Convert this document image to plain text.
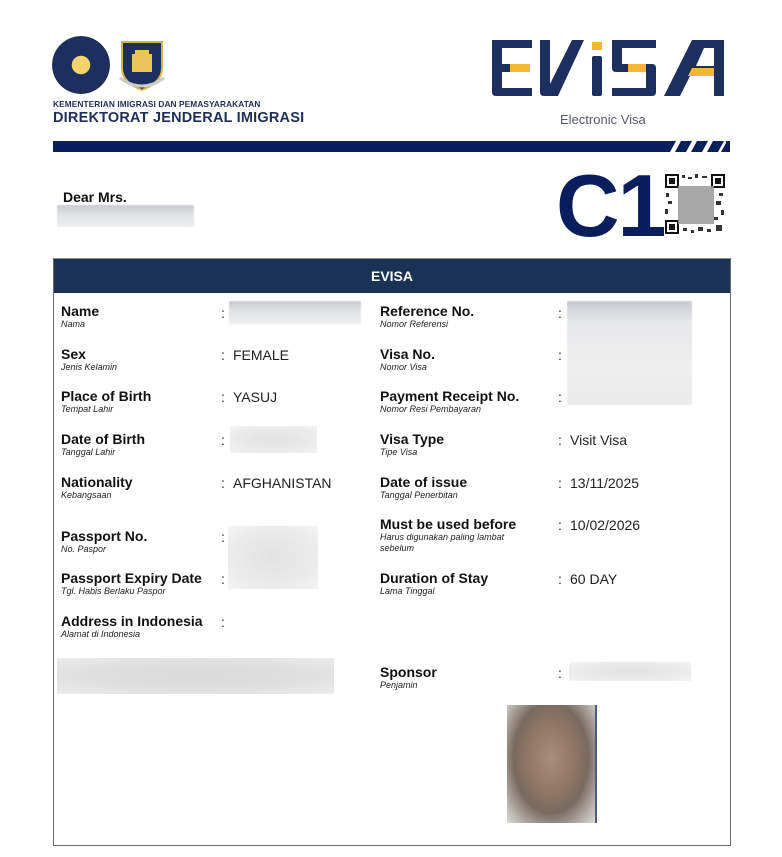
KEMENTERIAN IMIGRASI DAN PEMASYARAKATAN
DIREKTORAT JENDERAL IMIGRASI	Electronic Visa
Dear Mrs.	C1
EVISA
Name
Nama
:
Sex
Jenis Kelamin
: FEMALE
Place of Birth
Tempat Lahir
: YASUJ
Date of Birth
Tanggal Lahir
:
Nationality
Kebangsaan
: AFGHANISTAN
Passport No.
No. Paspor
:
Passport Expiry Date
Tgl. Habis Berlaku Paspor
:
Address in Indonesia
Alamat di Indonesia
:
Reference No.
Nomor Referensi
:
Visa No.
Nomor Visa
:
Payment Receipt No.
Nomor Resi Pembayaran
:
Visa Type
Tipe Visa
: Visit Visa
Date of issue
Tanggal Penerbitan
: 13/11/2025
Must be used before
Harus digunakan paling lambat sebelum
: 10/02/2026
Duration of Stay
Lama Tinggal
: 60 DAY
Sponsor
Penjamin
:
